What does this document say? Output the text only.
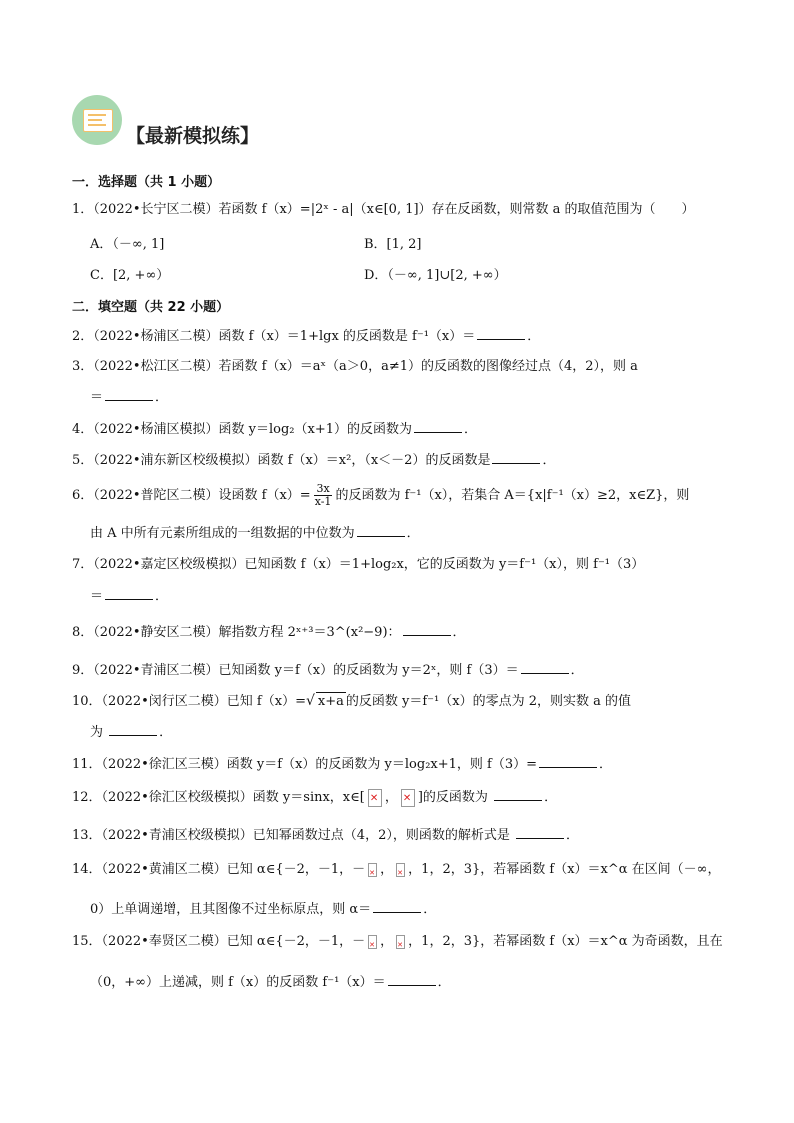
【最新模拟练】
一．选择题（共 1 小题）
1．（2022•长宁区二模）若函数 f（x）=|2ˣ - a|（x∈[0, 1]）存在反函数，则常数 a 的取值范围为（　　）
A．（－∞, 1]	B．[1, 2]
C．[2, +∞）	D．（－∞, 1]∪[2, +∞）
二．填空题（共 22 小题）
2．（2022•杨浦区二模）函数 f（x）＝1+lgx 的反函数是 f⁻¹（x）＝	．
3．（2022•松江区二模）若函数 f（x）＝aˣ（a＞0，a≠1）的反函数的图像经过点（4，2），则 a
＝	．
4．（2022•杨浦区模拟）函数 y＝log₂（x+1）的反函数为	．
5．（2022•浦东新区校级模拟）函数 f（x）＝x²，（x＜－2）的反函数是	．
6．（2022•普陀区二模）设函数 $f(x)= \frac{3x}{x-1}$ 的反函数为 f⁻¹（x），若集合 A＝{x|f⁻¹（x）≥2，x∈Z}，则
由 A 中所有元素所组成的一组数据的中位数为	．
7．（2022•嘉定区校级模拟）已知函数 f（x）＝1+log₂x，它的反函数为 y＝f⁻¹（x），则 f⁻¹（3）
＝	．
8．（2022•静安区二模）解指数方程 2ˣ⁺³＝3^(x²−9)：	．
9．（2022•青浦区二模）已知函数 y＝f（x）的反函数为 y＝2ˣ，则 f（3）＝	．
10．（2022•闵行区二模）已知 f（x）=√ x+a 的反函数 y＝f⁻¹（x）的零点为 2，则实数 a 的值
为	．
11．（2022•徐汇区三模）函数 y＝f（x）的反函数为 y＝log₂x+1，则 f（3）=	．
12．（2022•徐汇区校级模拟）函数 y＝sinx，x∈[ ✕ ， ✕ ]的反函数为	．
13．（2022•青浦区校级模拟）已知幂函数过点（4，2），则函数的解析式是	．
14．（2022•黄浦区二模）已知 α∈{－2，－1，－ ✕ ， ✕ ，1，2，3}，若幂函数 f（x）＝x^α 在区间（－∞，
0）上单调递增，且其图像不过坐标原点，则 α＝	．
15．（2022•奉贤区二模）已知 α∈{－2，－1，－ ✕ ， ✕ ，1，2，3}，若幂函数 f（x）＝x^α 为奇函数，且在
（0，+∞）上递减，则 f（x）的反函数 f⁻¹（x）＝	．
